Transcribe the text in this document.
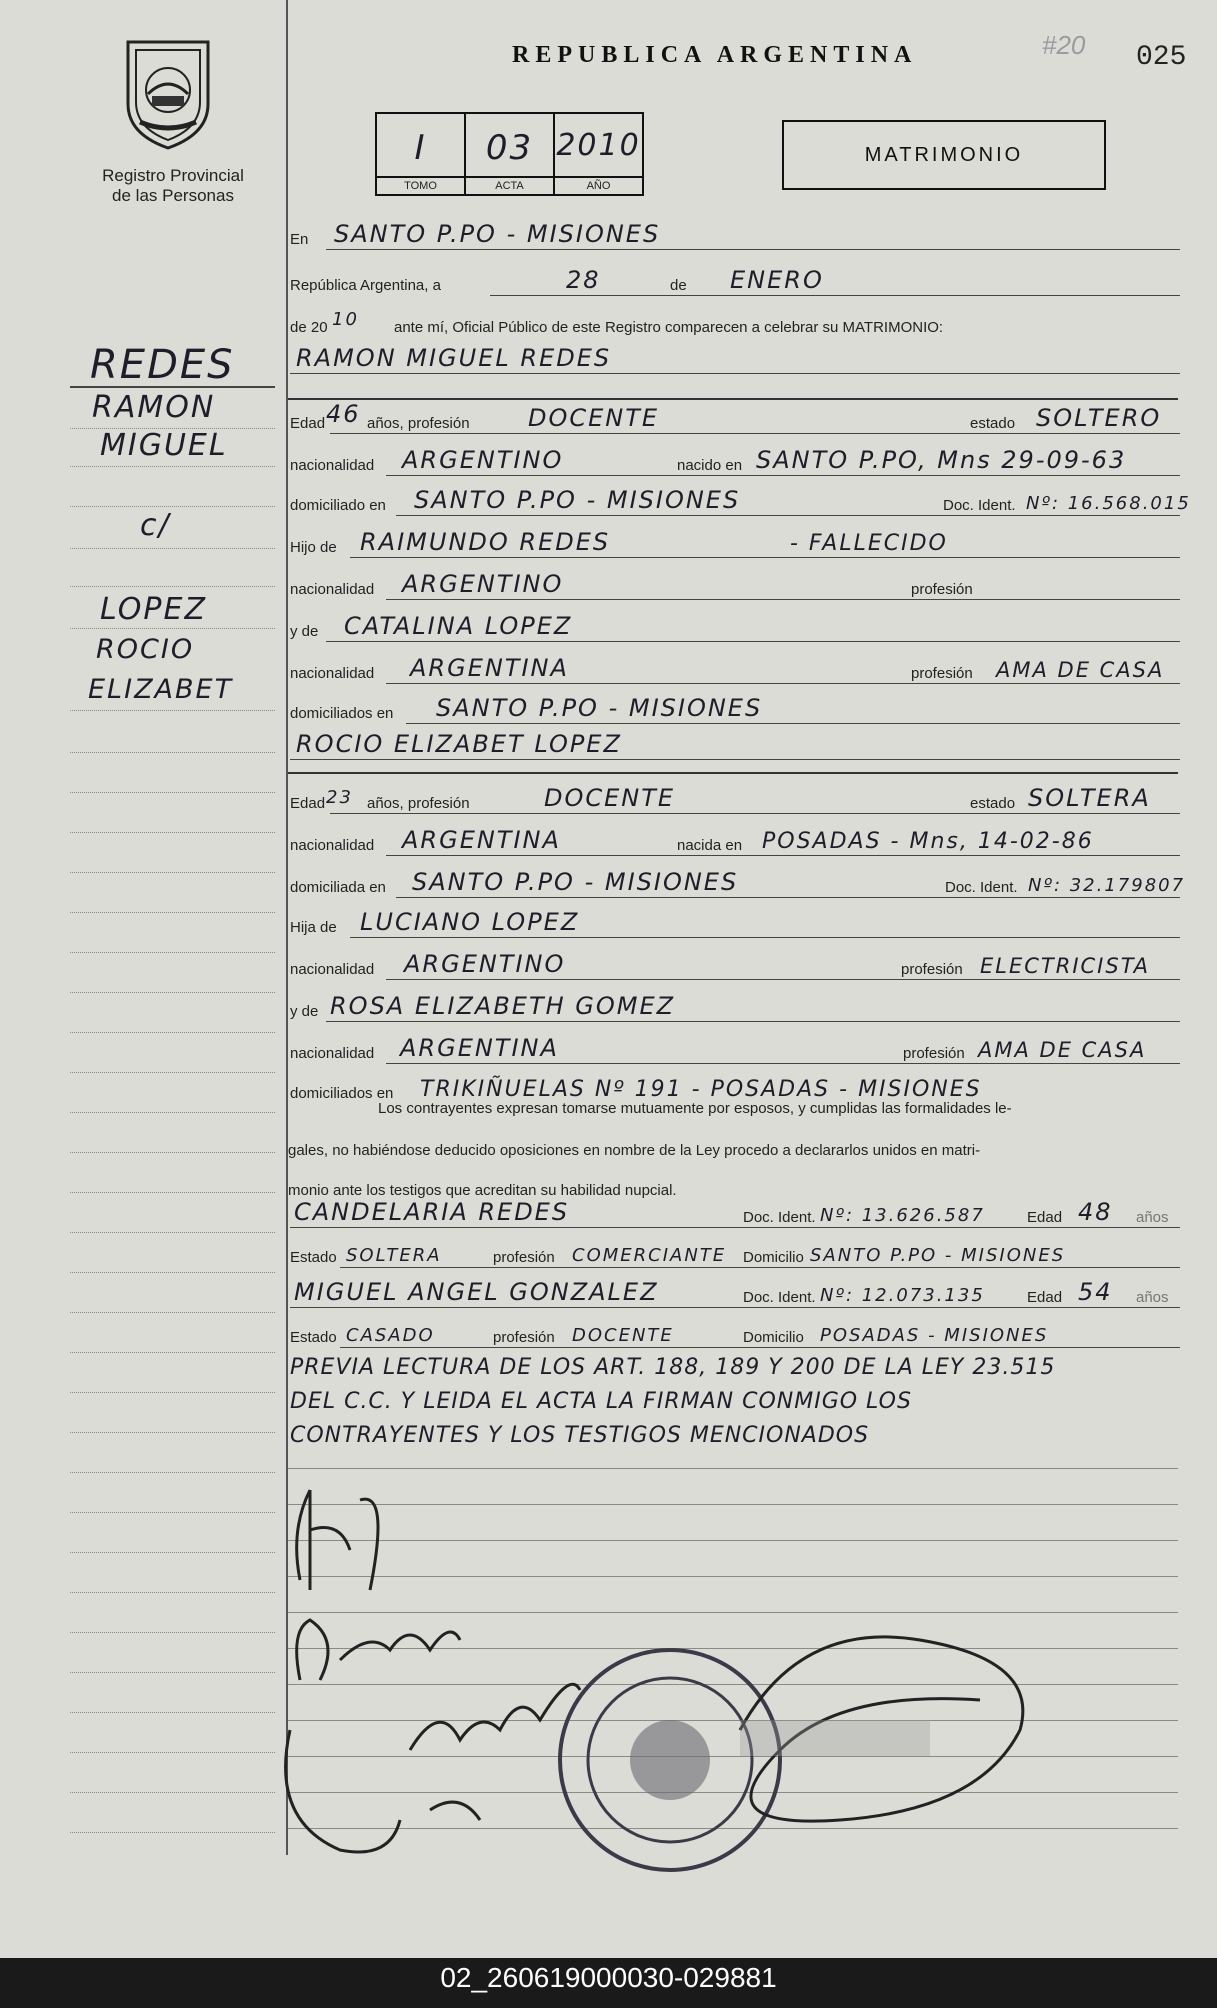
Registro Provincial
de las Personas
REDES
RAMON
MIGUEL
c/
LOPEZ
ROCIO
ELIZABET
REPUBLICA ARGENTINA	#20 025
I
TOMO
03
ACTA
2010
AÑO
MATRIMONIO
En SANTO P.PO - MISIONES
República Argentina, a	28	de ENERO
de 20 10 ante mí, Oficial Público de este Registro comparecen a celebrar su MATRIMONIO:
RAMON MIGUEL REDES
Edad 46 años, profesión DOCENTE	estado SOLTERO
nacionalidad ARGENTINO	nacido en SANTO P.PO, Mns 29-09-63
domiciliado en SANTO P.PO - MISIONES	Doc. Ident. Nº: 16.568.015
Hijo de RAIMUNDO REDES	- FALLECIDO
nacionalidad ARGENTINO	profesión
y de CATALINA LOPEZ
nacionalidad ARGENTINA	profesión AMA DE CASA
domiciliados en SANTO P.PO - MISIONES
ROCIO ELIZABET LOPEZ
Edad 23 años, profesión	DOCENTE	estado SOLTERA
nacionalidad ARGENTINA	nacida en POSADAS - Mns, 14-02-86
domiciliada en SANTO P.PO - MISIONES	Doc. Ident. Nº: 32.179807
Hija de LUCIANO LOPEZ
nacionalidad ARGENTINO	profesión ELECTRICISTA
y de ROSA ELIZABETH GOMEZ
nacionalidad ARGENTINA	profesión AMA DE CASA
domiciliados en TRIKIÑUELAS Nº 191 - POSADAS - MISIONES
Los contrayentes expresan tomarse mutuamente por esposos, y cumplidas las formalidades le-
gales, no habiéndose deducido oposiciones en nombre de la Ley procedo a declararlos unidos en matri-
monio ante los testigos que acreditan su habilidad nupcial.
CANDELARIA REDES	Doc. Ident. Nº: 13.626.587	Edad 48 años
Estado SOLTERA	profesión COMERCIANTE Domicilio SANTO P.PO - MISIONES
MIGUEL ANGEL GONZALEZ	Doc. Ident. Nº: 12.073.135	Edad 54 años
Estado CASADO	profesión DOCENTE	Domicilio POSADAS - MISIONES
PREVIA LECTURA DE LOS ART. 188, 189 Y 200 DE LA LEY 23.515
DEL C.C. Y LEIDA EL ACTA LA FIRMAN CONMIGO LOS
CONTRAYENTES Y LOS TESTIGOS MENCIONADOS
02_260619000030-029881
